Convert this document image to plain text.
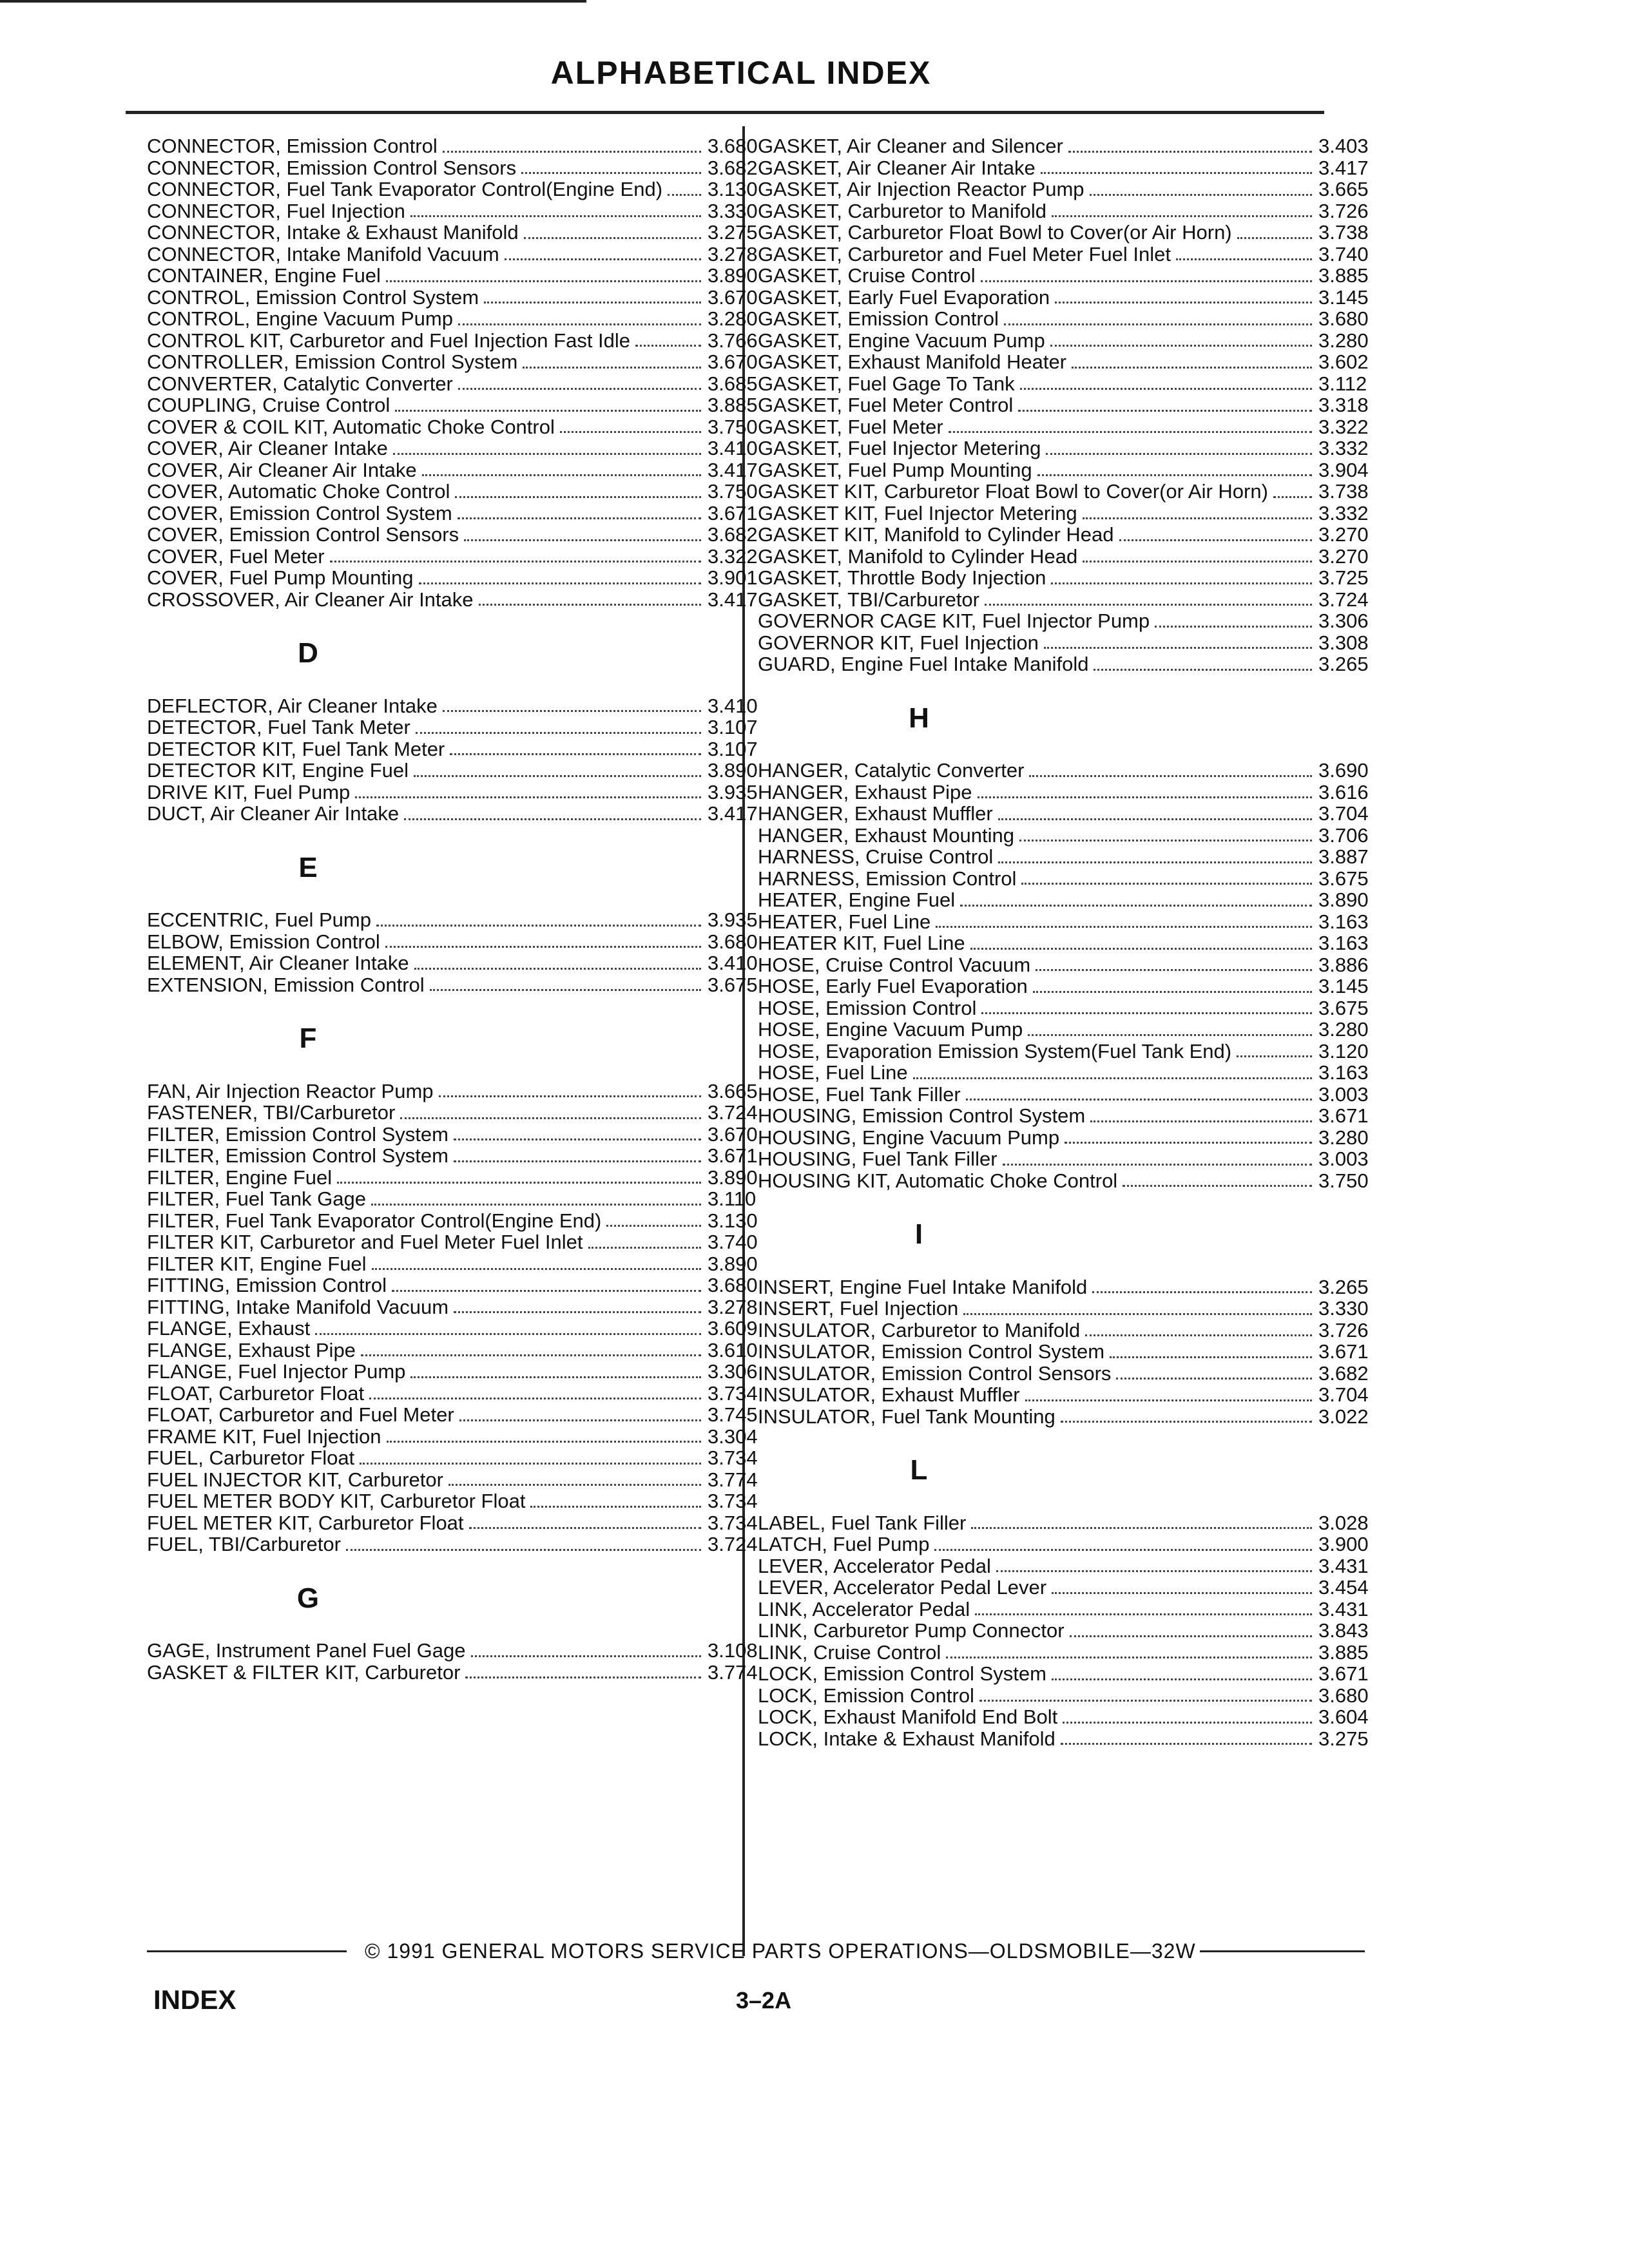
ALPHABETICAL INDEX
CONNECTOR, Emission Control	3.680
CONNECTOR, Emission Control Sensors	3.682
CONNECTOR, Fuel Tank Evaporator Control(Engine End) 3.130
CONNECTOR, Fuel Injection	3.330
CONNECTOR, Intake & Exhaust Manifold	3.275
CONNECTOR, Intake Manifold Vacuum	3.278
CONTAINER, Engine Fuel	3.890
CONTROL, Emission Control System	3.670
CONTROL, Engine Vacuum Pump	3.280
CONTROL KIT, Carburetor and Fuel Injection Fast Idle	3.766
CONTROLLER, Emission Control System	3.670
CONVERTER, Catalytic Converter	3.685
COUPLING, Cruise Control	3.885
COVER & COIL KIT, Automatic Choke Control	3.750
COVER, Air Cleaner Intake	3.410
COVER, Air Cleaner Air Intake	3.417
COVER, Automatic Choke Control	3.750
COVER, Emission Control System	3.671
COVER, Emission Control Sensors	3.682
COVER, Fuel Meter	3.322
COVER, Fuel Pump Mounting	3.901
CROSSOVER, Air Cleaner Air Intake	3.417
D
DEFLECTOR, Air Cleaner Intake	3.410
DETECTOR, Fuel Tank Meter	3.107
DETECTOR KIT, Fuel Tank Meter	3.107
DETECTOR KIT, Engine Fuel	3.890
DRIVE KIT, Fuel Pump	3.935
DUCT, Air Cleaner Air Intake	3.417
E
ECCENTRIC, Fuel Pump	3.935
ELBOW, Emission Control	3.680
ELEMENT, Air Cleaner Intake	3.410
EXTENSION, Emission Control	3.675
F
FAN, Air Injection Reactor Pump	3.665
FASTENER, TBI/Carburetor	3.724
FILTER, Emission Control System	3.670
FILTER, Emission Control System	3.671
FILTER, Engine Fuel	3.890
FILTER, Fuel Tank Gage	3.110
FILTER, Fuel Tank Evaporator Control(Engine End)	3.130
FILTER KIT, Carburetor and Fuel Meter Fuel Inlet	3.740
FILTER KIT, Engine Fuel	3.890
FITTING, Emission Control	3.680
FITTING, Intake Manifold Vacuum	3.278
FLANGE, Exhaust	3.609
FLANGE, Exhaust Pipe	3.610
FLANGE, Fuel Injector Pump	3.306
FLOAT, Carburetor Float	3.734
FLOAT, Carburetor and Fuel Meter	3.745
FRAME KIT, Fuel Injection	3.304
FUEL, Carburetor Float	3.734
FUEL INJECTOR KIT, Carburetor	3.774
FUEL METER BODY KIT, Carburetor Float	3.734
FUEL METER KIT, Carburetor Float	3.734
FUEL, TBI/Carburetor	3.724
G
GAGE, Instrument Panel Fuel Gage	3.108
GASKET & FILTER KIT, Carburetor	3.774
GASKET, Air Cleaner and Silencer	3.403
GASKET, Air Cleaner Air Intake	3.417
GASKET, Air Injection Reactor Pump	3.665
GASKET, Carburetor to Manifold	3.726
GASKET, Carburetor Float Bowl to Cover(or Air Horn)	3.738
GASKET, Carburetor and Fuel Meter Fuel Inlet	3.740
GASKET, Cruise Control	3.885
GASKET, Early Fuel Evaporation	3.145
GASKET, Emission Control	3.680
GASKET, Engine Vacuum Pump	3.280
GASKET, Exhaust Manifold Heater	3.602
GASKET, Fuel Gage To Tank	3.112
GASKET, Fuel Meter Control	3.318
GASKET, Fuel Meter	3.322
GASKET, Fuel Injector Metering	3.332
GASKET, Fuel Pump Mounting	3.904
GASKET KIT, Carburetor Float Bowl to Cover(or Air Horn)	3.738
GASKET KIT, Fuel Injector Metering	3.332
GASKET KIT, Manifold to Cylinder Head	3.270
GASKET, Manifold to Cylinder Head	3.270
GASKET, Throttle Body Injection	3.725
GASKET, TBI/Carburetor	3.724
GOVERNOR CAGE KIT, Fuel Injector Pump	3.306
GOVERNOR KIT, Fuel Injection	3.308
GUARD, Engine Fuel Intake Manifold	3.265
H
HANGER, Catalytic Converter	3.690
HANGER, Exhaust Pipe	3.616
HANGER, Exhaust Muffler	3.704
HANGER, Exhaust Mounting	3.706
HARNESS, Cruise Control	3.887
HARNESS, Emission Control	3.675
HEATER, Engine Fuel	3.890
HEATER, Fuel Line	3.163
HEATER KIT, Fuel Line	3.163
HOSE, Cruise Control Vacuum	3.886
HOSE, Early Fuel Evaporation	3.145
HOSE, Emission Control	3.675
HOSE, Engine Vacuum Pump	3.280
HOSE, Evaporation Emission System(Fuel Tank End)	3.120
HOSE, Fuel Line	3.163
HOSE, Fuel Tank Filler	3.003
HOUSING, Emission Control System	3.671
HOUSING, Engine Vacuum Pump	3.280
HOUSING, Fuel Tank Filler	3.003
HOUSING KIT, Automatic Choke Control	3.750
I
INSERT, Engine Fuel Intake Manifold	3.265
INSERT, Fuel Injection	3.330
INSULATOR, Carburetor to Manifold	3.726
INSULATOR, Emission Control System	3.671
INSULATOR, Emission Control Sensors	3.682
INSULATOR, Exhaust Muffler	3.704
INSULATOR, Fuel Tank Mounting	3.022
L
LABEL, Fuel Tank Filler	3.028
LATCH, Fuel Pump	3.900
LEVER, Accelerator Pedal	3.431
LEVER, Accelerator Pedal Lever	3.454
LINK, Accelerator Pedal	3.431
LINK, Carburetor Pump Connector	3.843
LINK, Cruise Control	3.885
LOCK, Emission Control System	3.671
LOCK, Emission Control	3.680
LOCK, Exhaust Manifold End Bolt	3.604
LOCK, Intake & Exhaust Manifold	3.275
© 1991 GENERAL MOTORS SERVICE PARTS OPERATIONS—OLDSMOBILE—32W
INDEX	3–2A
